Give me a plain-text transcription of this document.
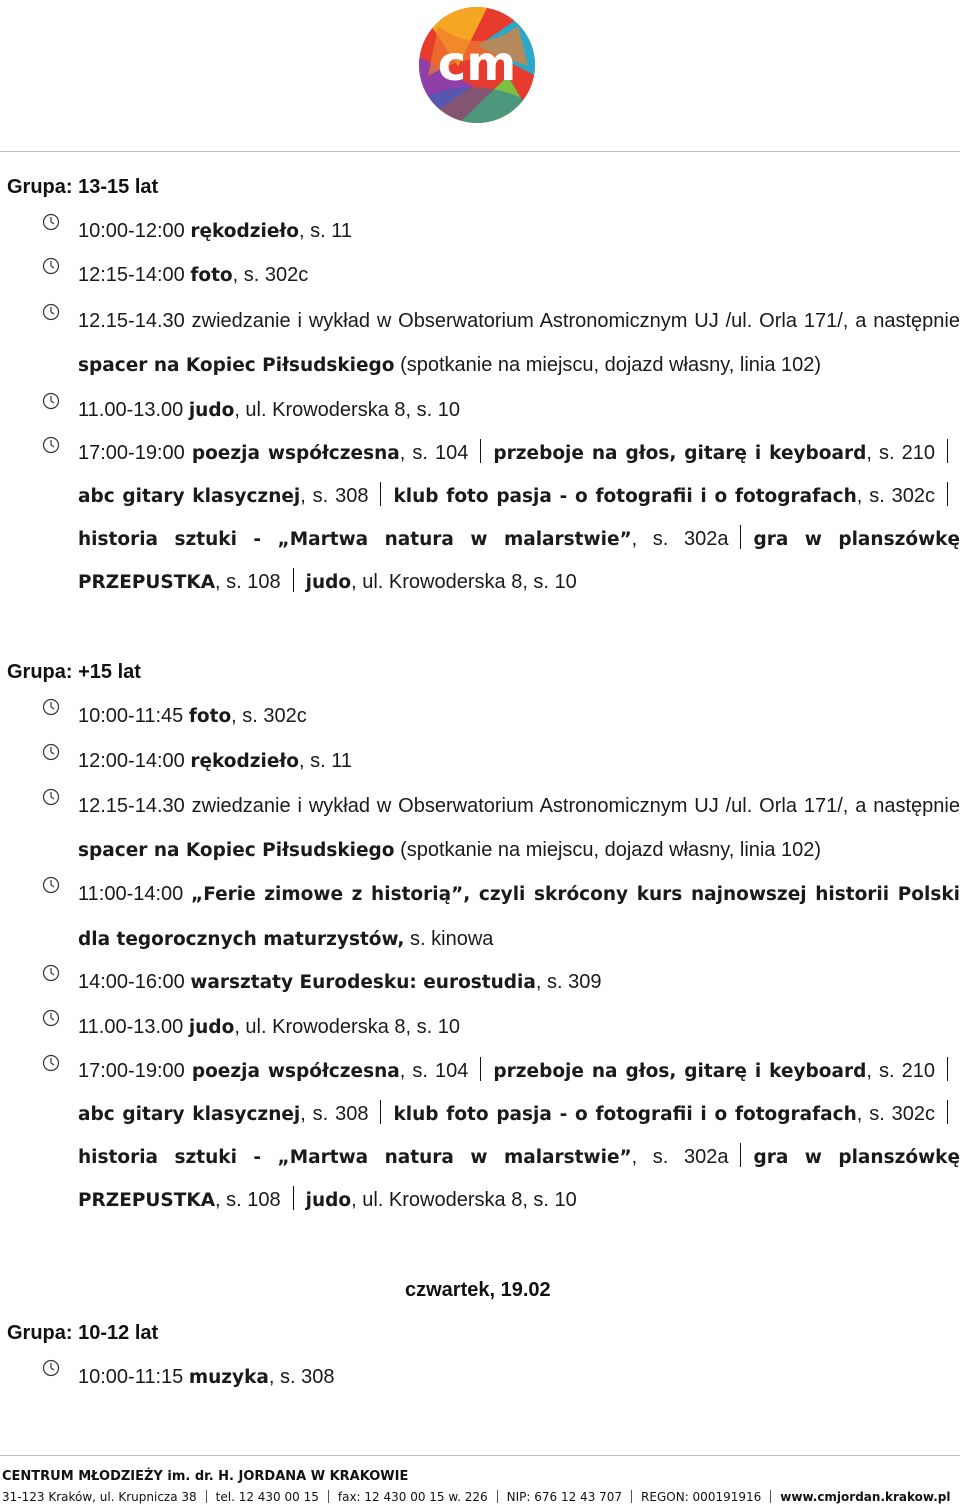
cm
Grupa: 13-15 lat
10:00-12:00 rękodzieło, s. 11
12:15-14:00 foto, s. 302c
12.15-14.30 zwiedzanie i wykład w Obserwatorium Astronomicznym UJ /ul. Orla 171/, a następnie spacer na Kopiec Piłsudskiego (spotkanie na miejscu, dojazd własny, linia 102)
11.00-13.00 judo, ul. Krowoderska 8, s. 10
17:00-19:00 poezja współczesna, s. 104 przeboje na głos, gitarę i keyboard, s. 210abc gitary klasycznej, s. 308 klub foto pasja - o fotografii i o fotografach, s. 302chistoria sztuki - „Martwa natura w malarstwie”, s. 302a gra w planszówkę PRZEPUSTKA, s. 108 judo, ul. Krowoderska 8, s. 10
Grupa: +15 lat
10:00-11:45 foto, s. 302c
12:00-14:00 rękodzieło, s. 11
12.15-14.30 zwiedzanie i wykład w Obserwatorium Astronomicznym UJ /ul. Orla 171/, a następnie spacer na Kopiec Piłsudskiego (spotkanie na miejscu, dojazd własny, linia 102)
11:00-14:00 „Ferie zimowe z historią”, czyli skrócony kurs najnowszej historii Polski dla tegorocznych maturzystów, s. kinowa
14:00-16:00 warsztaty Eurodesku: eurostudia, s. 309
11.00-13.00 judo, ul. Krowoderska 8, s. 10
17:00-19:00 poezja współczesna, s. 104 przeboje na głos, gitarę i keyboard, s. 210abc gitary klasycznej, s. 308 klub foto pasja - o fotografii i o fotografach, s. 302chistoria sztuki - „Martwa natura w malarstwie”, s. 302a gra w planszówkę PRZEPUSTKA, s. 108 judo, ul. Krowoderska 8, s. 10
czwartek, 19.02
Grupa: 10-12 lat
10:00-11:15 muzyka, s. 308
CENTRUM MŁODZIEŻY im. dr. H. JORDANA W KRAKOWIE
31-123 Kraków, ul. Krupnicza 38 tel. 12 430 00 15 fax: 12 430 00 15 w. 226 NIP: 676 12 43 707 REGON: 000191916 www.cmjordan.krakow.pl
